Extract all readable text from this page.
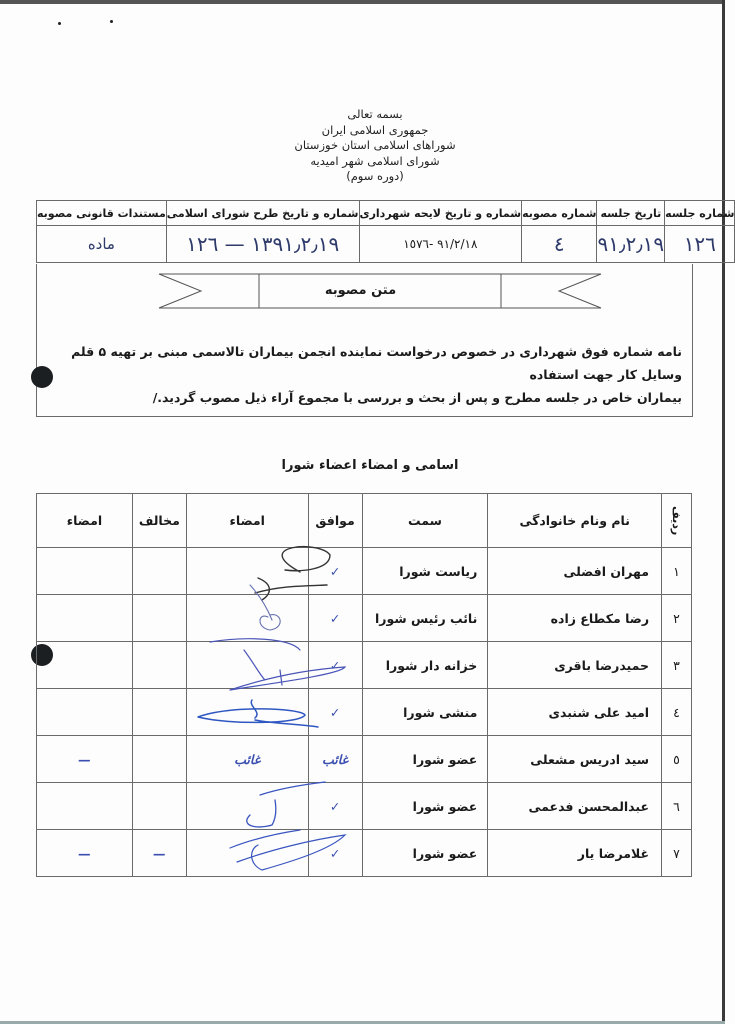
بسمه تعالی
جمهوری اسلامی ایران
شوراهای اسلامی استان خوزستان
شورای اسلامی شهر امیدیه
(دوره سوم)
شماره جلسه	تاریخ جلسه	شماره مصوبه	شماره و تاریخ لایحه شهرداری	شماره و تاریخ طرح شورای اسلامی	مستندات قانونی مصوبه
١٢٦	٩١٫٢٫١٩	٤	٩١/٢/١٨ -١٥٧٦	١٣٩١٫٢٫١٩ — ١٢٦	ماده
متن مصوبه
نامه شماره فوق شهرداری در خصوص درخواست نماینده انجمن بیماران تالاسمی مبنی بر تهیه ۵ قلم وسایل کار جهت استفاده
بیماران خاص در جلسه مطرح و پس از بحث و بررسی با مجموع آراء ذیل مصوب گردید./
اسامی و امضاء اعضاء شورا
ردیف	نام ونام خانوادگی	سمت	موافق	امضاء	مخالف	امضاء
١	مهران افضلی	ریاست شورا	✓			
٢	رضا مکطاع زاده	نائب رئیس شورا	✓			
٣	حمیدرضا باقری	خزانه دار شورا	✓			
٤	امید علی شنبدی	منشی شورا	✓			
٥	سید ادریس مشعلی	عضو شورا	غائب	غائب		—
٦	عبدالمحسن فدعمی	عضو شورا	✓			
٧	غلامرضا یار	عضو شورا	✓		—	—
